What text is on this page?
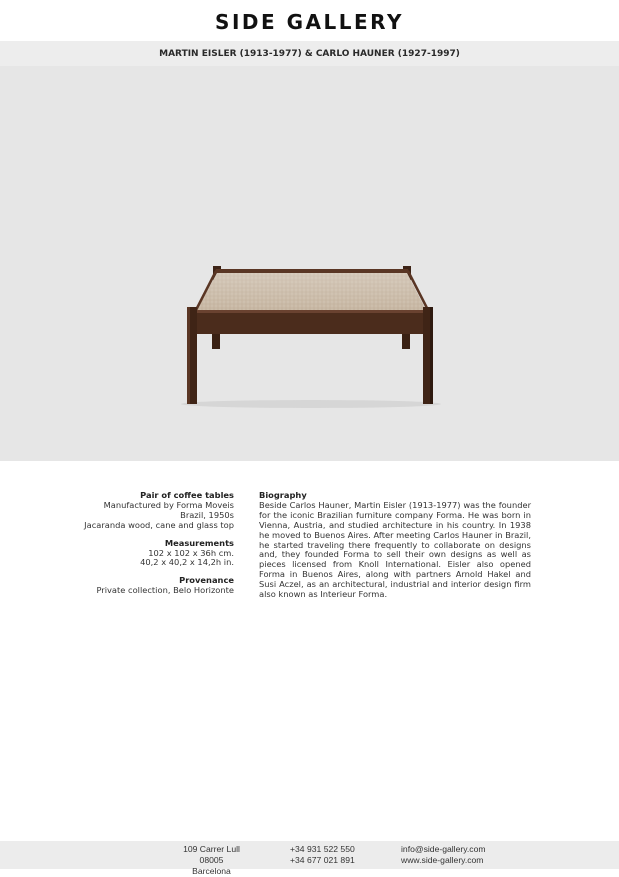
SIDE GALLERY
MARTIN EISLER (1913-1977) & CARLO HAUNER (1927-1997)
Pair of coffee tables
Manufactured by Forma Moveis
Brazil, 1950s
Jacaranda wood, cane and glass top
Measurements
102 x 102 x 36h cm.
40,2 x 40,2 x 14,2h in.
Provenance
Private collection, Belo Horizonte
Biography

Beside Carlos Hauner, Martin Eisler (1913-1977) was the founder for the iconic Brazilian furniture company Forma. He was born in Vienna, Austria, and studied architecture in his country. In 1938 he moved to Buenos Aires. After meeting Carlos Hauner in Brazil, he started traveling there frequently to collaborate on designs and, they founded Forma to sell their own designs as well as pieces licensed from Knoll International. Eisler also opened Forma in Buenos Aires, along with partners Arnold Hakel and Susi Aczel, as an architectural, industrial and interior design firm also known as Interieur Forma.

109 Carrer Lull
08005 Barcelona
+34 931 522 550
+34 677 021 891
info@side-gallery.com
www.side-gallery.com
